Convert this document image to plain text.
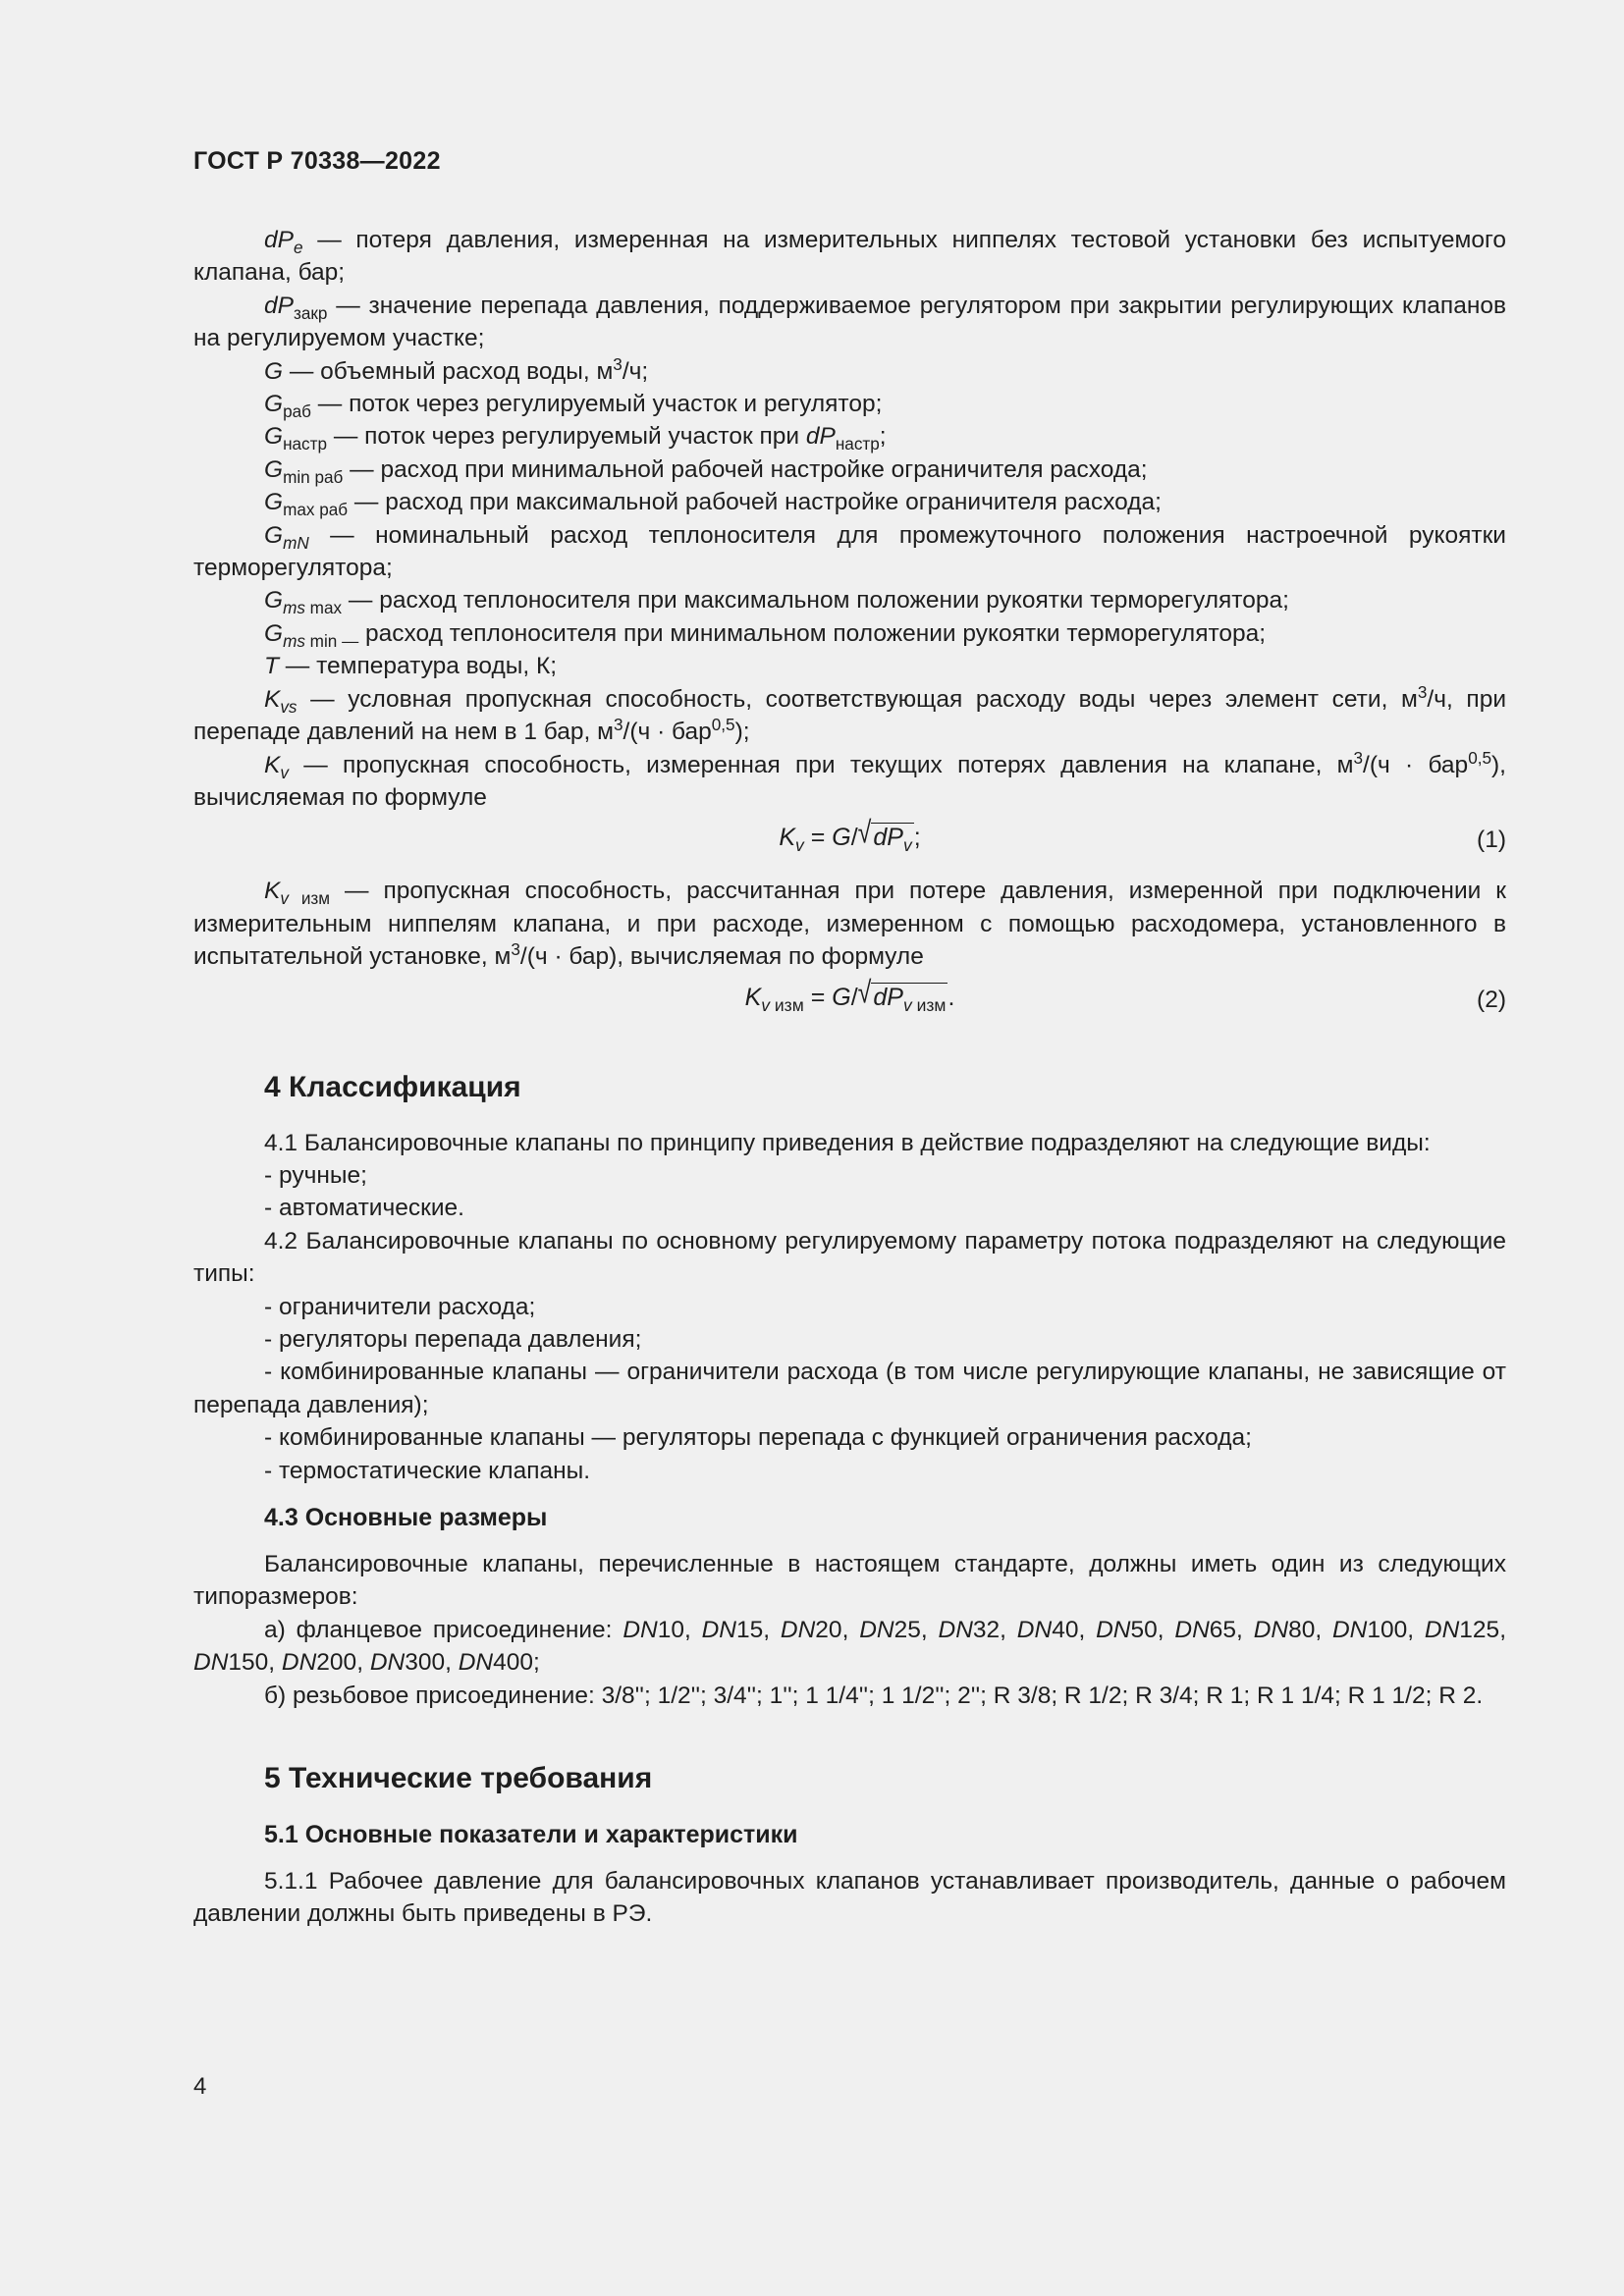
ГОСТ Р 70338—2022

$dP_e$ — потеря давления, измеренная на измерительных ниппелях тестовой установки без испытуемого клапана, бар;

$dP_{закр}$ — значение перепада давления, поддерживаемое регулятором при закрытии регулирующих клапанов на регулируемом участке;

G — объемный расход воды, $м^3/ч$;

$G_{раб}$ — поток через регулируемый участок и регулятор;

$G_{настр}$ — поток через регулируемый участок при $dP_{настр}$;

$G_{min раб}$ — расход при минимальной рабочей настройке ограничителя расхода;

$G_{max раб}$ — расход при максимальной рабочей настройке ограничителя расхода;

$G_{mN}$ — номинальный расход теплоносителя для промежуточного положения настроечной рукоятки терморегулятора;

$G_{ms max}$ — расход теплоносителя при максимальном положении рукоятки терморегулятора;

$G_{ms min —}$ расход теплоносителя при минимальном положении рукоятки терморегулятора;

T — температура воды, К;

$K_{vs}$ — условная пропускная способность, соответствующая расходу воды через элемент сети, $м^3/ч$, при перепаде давлений на нем в 1 бар, $м^3/(ч \cdot бар^{0,5})$;

$K_v$ — пропускная способность, измеренная при текущих потерях давления на клапане, $м^3/(ч \cdot бар^{0,5})$, вычисляемая по формуле

$K_v = G/√dP_v$;	(1)

$K_{v изм}$ — пропускная способность, рассчитанная при потере давления, измеренной при подключении к измерительным ниппелям клапана, и при расходе, измеренном с помощью расходомера, установленного в испытательной установке, $м^3/(ч \cdot бар)$, вычисляемая по формуле

$K_{v изм} = G/√dP_{v изм}$.	(2)
4 Классификация

4.1 Балансировочные клапаны по принципу приведения в действие подразделяют на следующие виды:

- ручные;

- автоматические.

4.2 Балансировочные клапаны по основному регулируемому параметру потока подразделяют на следующие типы:

- ограничители расхода;

- регуляторы перепада давления;

- комбинированные клапаны — ограничители расхода (в том числе регулирующие клапаны, не зависящие от перепада давления);

- комбинированные клапаны — регуляторы перепада с функцией ограничения расхода;

- термостатические клапаны.

4.3 Основные размеры

Балансировочные клапаны, перечисленные в настоящем стандарте, должны иметь один из следующих типоразмеров:

а) фланцевое присоединение: DN10, DN15, DN20, DN25, DN32, DN40, DN50, DN65, DN80, DN100, DN125, DN150, DN200, DN300, DN400;

б) резьбовое присоединение: 3/8''; 1/2''; 3/4''; 1''; 1 1/4''; 1 1/2''; 2''; R 3/8; R 1/2; R 3/4; R 1; R 1 1/4; R 1 1/2; R 2.

5 Технические требования
5.1 Основные показатели и характеристики

5.1.1 Рабочее давление для балансировочных клапанов устанавливает производитель, данные о рабочем давлении должны быть приведены в РЭ.

4
